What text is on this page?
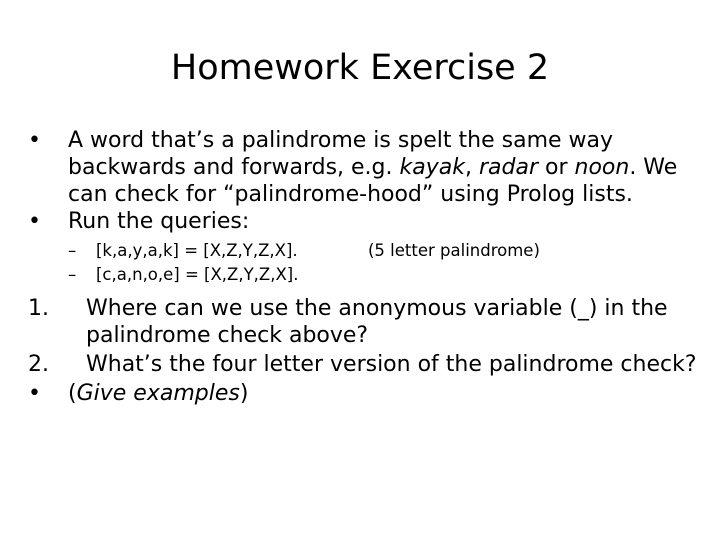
Homework Exercise 2
•	A word that’s a palindrome is spelt the same way backwards and forwards, e.g. kayak, radar or noon. We can check for “palindrome-hood” using Prolog lists.
•	Run the queries:
– [k,a,y,a,k] = [X,Z,Y,Z,X].	(5 letter palindrome)
– [c,a,n,o,e] = [X,Z,Y,Z,X].
1. Where can we use the anonymous variable (_) in the palindrome check above?
2. What’s the four letter version of the palindrome check?
•	(Give examples)
